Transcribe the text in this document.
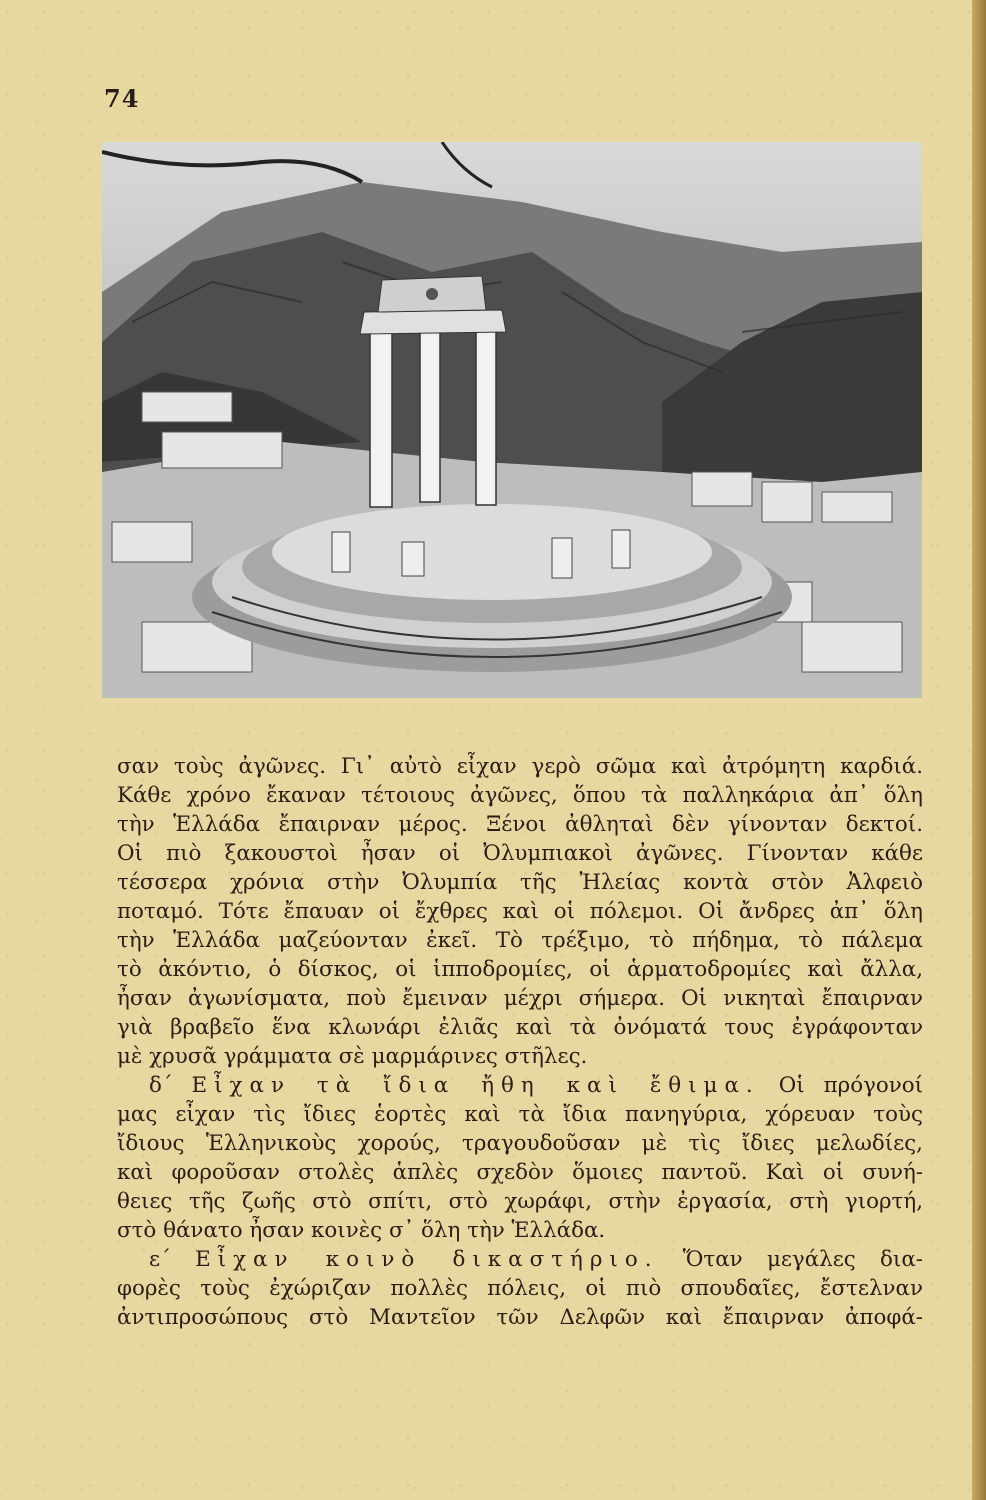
74
σαν τοὺς ἀγῶνες. Γι᾽ αὐτὸ εἶχαν γερὸ σῶμα καὶ ἀτρόμητη καρδιά.
Κάθε χρόνο ἔκαναν τέτοιους ἀγῶνες, ὅπου τὰ παλληκάρια ἀπ᾽ ὅλη
τὴν Ἑλλάδα ἔπαιρναν μέρος. Ξένοι ἀθληταὶ δὲν γίνονταν δεκτοί.
Οἱ πιὸ ξακουστοὶ ἦσαν οἱ Ὀλυμπιακοὶ ἀγῶνες. Γίνονταν κάθε
τέσσερα χρόνια στὴν Ὀλυμπία τῆς Ἠλείας κοντὰ στὸν Ἀλφειὸ
ποταμό. Τότε ἔπαυαν οἱ ἔχθρες καὶ οἱ πόλεμοι. Οἱ ἄνδρες ἀπ᾽ ὅλη
τὴν Ἑλλάδα μαζεύονταν ἐκεῖ. Τὸ τρέξιμο, τὸ πήδημα, τὸ πάλεμα
τὸ ἀκόντιο, ὁ δίσκος, οἱ ἱπποδρομίες, οἱ ἁρματοδρομίες καὶ ἄλλα,
ἦσαν ἀγωνίσματα, ποὺ ἔμειναν μέχρι σήμερα. Οἱ νικηταὶ ἔπαιρναν
γιὰ βραβεῖο ἕνα κλωνάρι ἐλιᾶς καὶ τὰ ὀνόματά τους ἐγράφονταν
μὲ χρυσᾶ γράμματα σὲ μαρμάρινες στῆλες.
δ΄ Εἶχαν τὰ ἴδια ἤθη καὶ ἔθιμα. Οἱ πρόγονοί
μας εἶχαν τὶς ἴδιες ἑορτὲς καὶ τὰ ἴδια πανηγύρια, χόρευαν τοὺς
ἴδιους Ἑλληνικοὺς χορούς, τραγουδοῦσαν μὲ τὶς ἴδιες μελωδίες,
καὶ φοροῦσαν στολὲς ἁπλὲς σχεδὸν ὅμοιες παντοῦ. Καὶ οἱ συνή-
θειες τῆς ζωῆς στὸ σπίτι, στὸ χωράφι, στὴν ἐργασία, στὴ γιορτή,
στὸ θάνατο ἦσαν κοινὲς σ᾽ ὅλη τὴν Ἑλλάδα.
ε΄ Εἶχαν κοινὸ δικαστήριο. Ὅταν μεγάλες δια-
φορὲς τοὺς ἐχώριζαν πολλὲς πόλεις, οἱ πιὸ σπουδαῖες, ἔστελναν
ἀντιπροσώπους στὸ Μαντεῖον τῶν Δελφῶν καὶ ἔπαιρναν ἀποφά-
